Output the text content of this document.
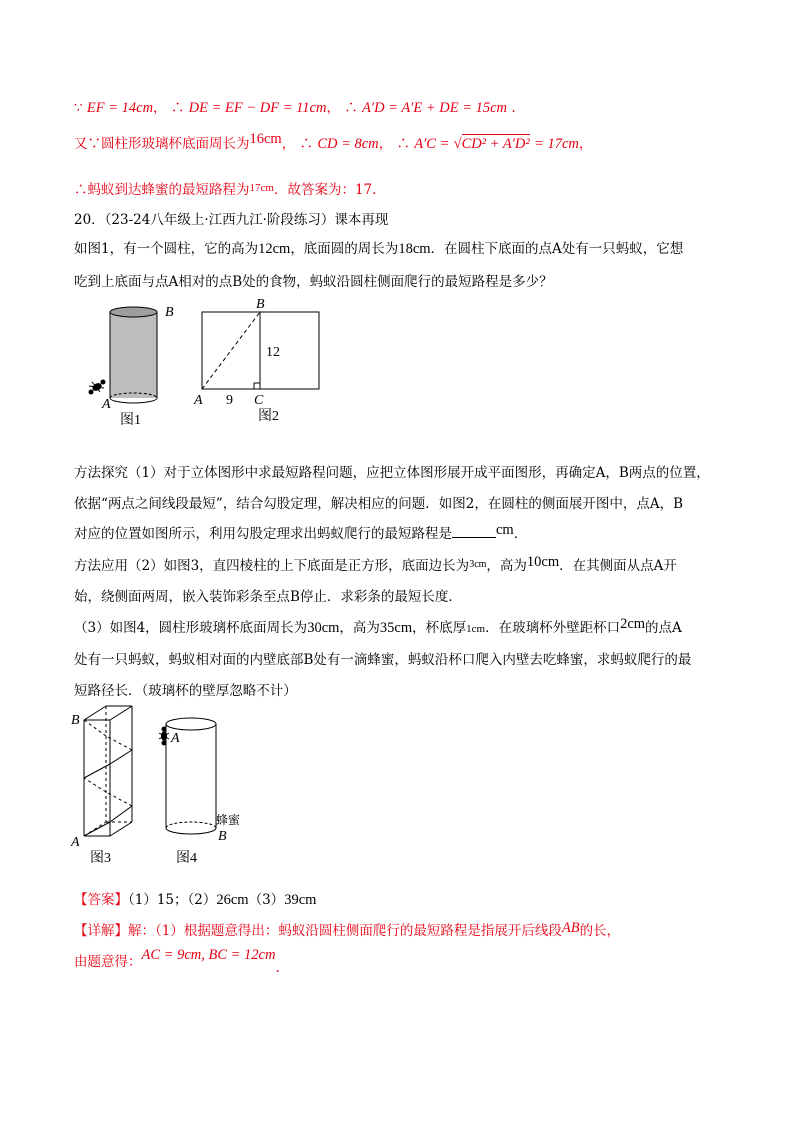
∵ EF = 14cm， ∴ DE = EF − DF = 11cm， ∴ A′D = A′E + DE = 15cm .
又∵圆柱形玻璃杯底面周长为16cm， ∴ CD = 8cm， ∴ A′C = √CD² + A′D² = 17cm，
∴蚂蚁到达蜂蜜的最短路程为$^{17cm}$．故答案为：17.
20．（23-24八年级上·江西九江·阶段练习）课本再现
如图1，有一个圆柱，它的高为12cm，底面圆的周长为18cm．在圆柱下底面的点A处有一只蚂蚁，它想
吃到上底面与点A相对的点B处的食物，蚂蚁沿圆柱侧面爬行的最短路程是多少？
B
A
图1
B
12
A 9 C
图2
方法探究（1）对于立体图形中求最短路程问题，应把立体图形展开成平面图形，再确定A，B两点的位置，
依据“两点之间线段最短”，结合勾股定理，解决相应的问题．如图2，在圆柱的侧面展开图中，点A，B
对应的位置如图所示，利用勾股定理求出蚂蚁爬行的最短路程是	cm．
方法应用（2）如图3，直四棱柱的上下底面是正方形，底面边长为$^{3cm}$，高为10cm．在其侧面从点A开
始，绕侧面两周，嵌入装饰彩条至点B停止．求彩条的最短长度．
（3）如图4，圆柱形玻璃杯底面周长为30cm，高为35cm，杯底厚1cm．在玻璃杯外壁距杯口2cm的点A
处有一只蚂蚁，蚂蚁相对面的内壁底部B处有一滴蜂蜜，蚂蚁沿杯口爬入内壁去吃蜂蜜，求蚂蚁爬行的最
短路径长．（玻璃杯的壁厚忽略不计）
B
A
图3
A
蜂蜜
B
图4
【答案】（1）15；（2）26cm（3）39cm
【详解】解：（1）根据题意得出：蚂蚁沿圆柱侧面爬行的最短路程是指展开后线段AB的长，
由题意得：AC = 9cm, BC = 12cm.
